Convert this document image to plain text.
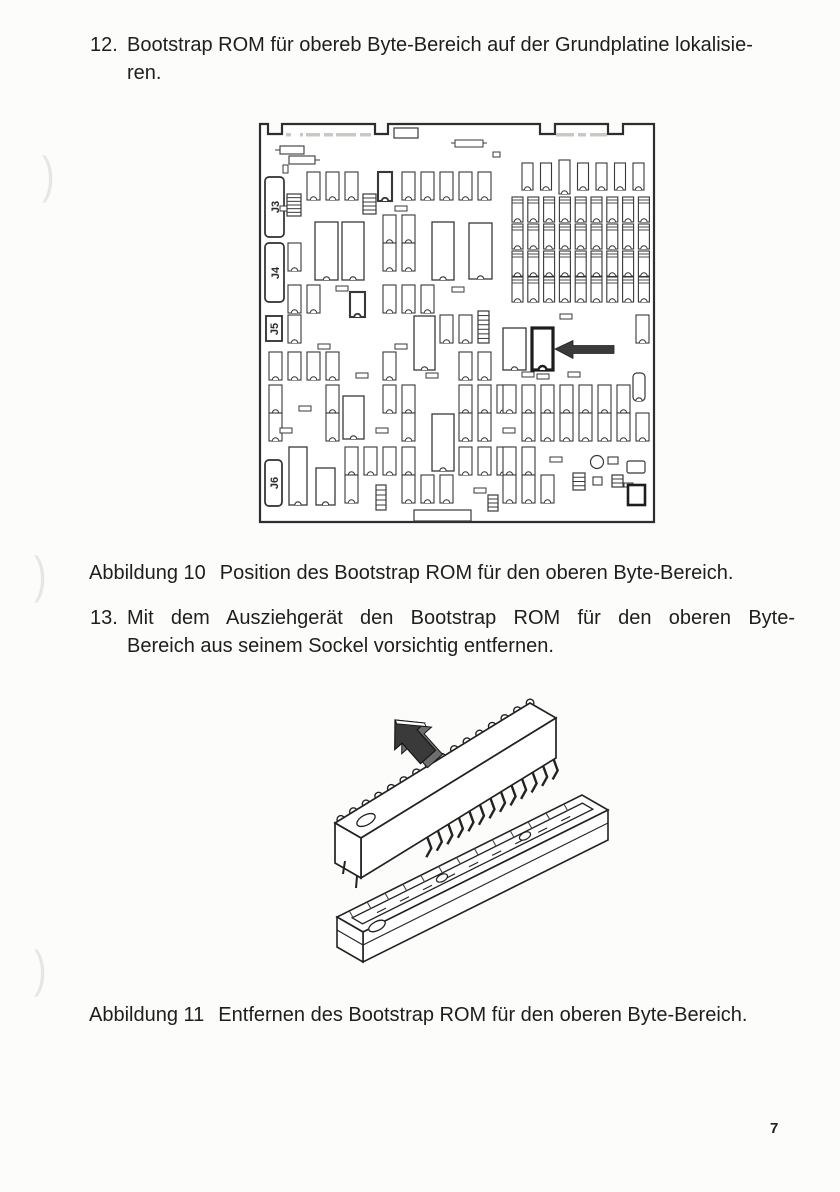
)
)
)
12. Bootstrap ROM für obereb Byte-Bereich auf der Grundplatine lokalisie-
ren.
J3
J4
J5
J6
Abbildung 10 Position des Bootstrap ROM für den oberen Byte-Bereich.
13. Mit dem Ausziehgerät den Bootstrap ROM für den oberen Byte-
Bereich aus seinem Sockel vorsichtig entfernen.
Abbildung 11 Entfernen des Bootstrap ROM für den oberen Byte-Bereich.
7
